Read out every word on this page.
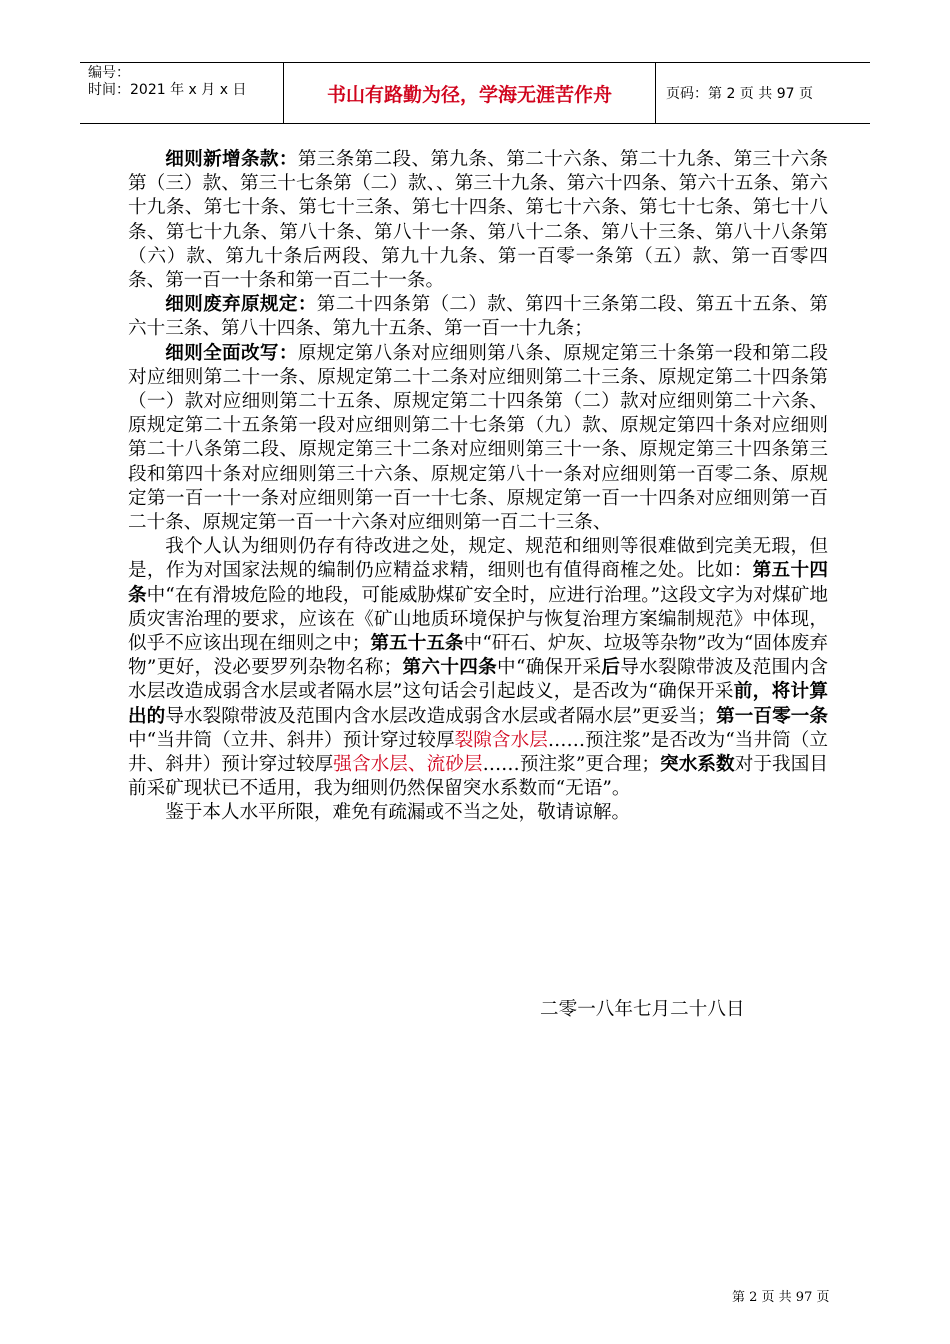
编号：
时间：2021 年 x 月 x 日	书山有路勤为径，学海无涯苦作舟	页码：第 2 页 共 97 页

细则新增条款：第三条第二段、第九条、第二十六条、第二十九条、第三十六条第（三）款、第三十七条第（二）款、、第三十九条、第六十四条、第六十五条、第六十九条、第七十条、第七十三条、第七十四条、第七十六条、第七十七条、第七十八条、第七十九条、第八十条、第八十一条、第八十二条、第八十三条、第八十八条第（六）款、第九十条后两段、第九十九条、第一百零一条第（五）款、第一百零四条、第一百一十条和第一百二十一条。

细则废弃原规定：第二十四条第（二）款、第四十三条第二段、第五十五条、第六十三条、第八十四条、第九十五条、第一百一十九条；

细则全面改写：原规定第八条对应细则第八条、原规定第三十条第一段和第二段对应细则第二十一条、原规定第二十二条对应细则第二十三条、原规定第二十四条第（一）款对应细则第二十五条、原规定第二十四条第（二）款对应细则第二十六条、原规定第二十五条第一段对应细则第二十七条第（九）款、原规定第四十条对应细则第二十八条第二段、原规定第三十二条对应细则第三十一条、原规定第三十四条第三段和第四十条对应细则第三十六条、原规定第八十一条对应细则第一百零二条、原规定第一百一十一条对应细则第一百一十七条、原规定第一百一十四条对应细则第一百二十条、原规定第一百一十六条对应细则第一百二十三条、

我个人认为细则仍存有待改进之处，规定、规范和细则等很难做到完美无瑕，但是，作为对国家法规的编制仍应精益求精，细则也有值得商榷之处。比如：第五十四条中“在有滑坡危险的地段，可能威胁煤矿安全时，应进行治理。”这段文字为对煤矿地质灾害治理的要求，应该在《矿山地质环境保护与恢复治理方案编制规范》中体现，似乎不应该出现在细则之中；第五十五条中“矸石、炉灰、垃圾等杂物”改为“固体废弃物”更好，没必要罗列杂物名称；第六十四条中“确保开采后导水裂隙带波及范围内含水层改造成弱含水层或者隔水层”这句话会引起歧义，是否改为“确保开采前，将计算出的导水裂隙带波及范围内含水层改造成弱含水层或者隔水层”更妥当；第一百零一条中“当井筒（立井、斜井）预计穿过较厚裂隙含水层……预注浆”是否改为“当井筒（立井、斜井）预计穿过较厚强含水层、流砂层……预注浆”更合理；突水系数对于我国目前采矿现状已不适用，我为细则仍然保留突水系数而“无语”。

鉴于本人水平所限，难免有疏漏或不当之处，敬请谅解。

二零一八年七月二十八日
第 2 页 共 97 页
